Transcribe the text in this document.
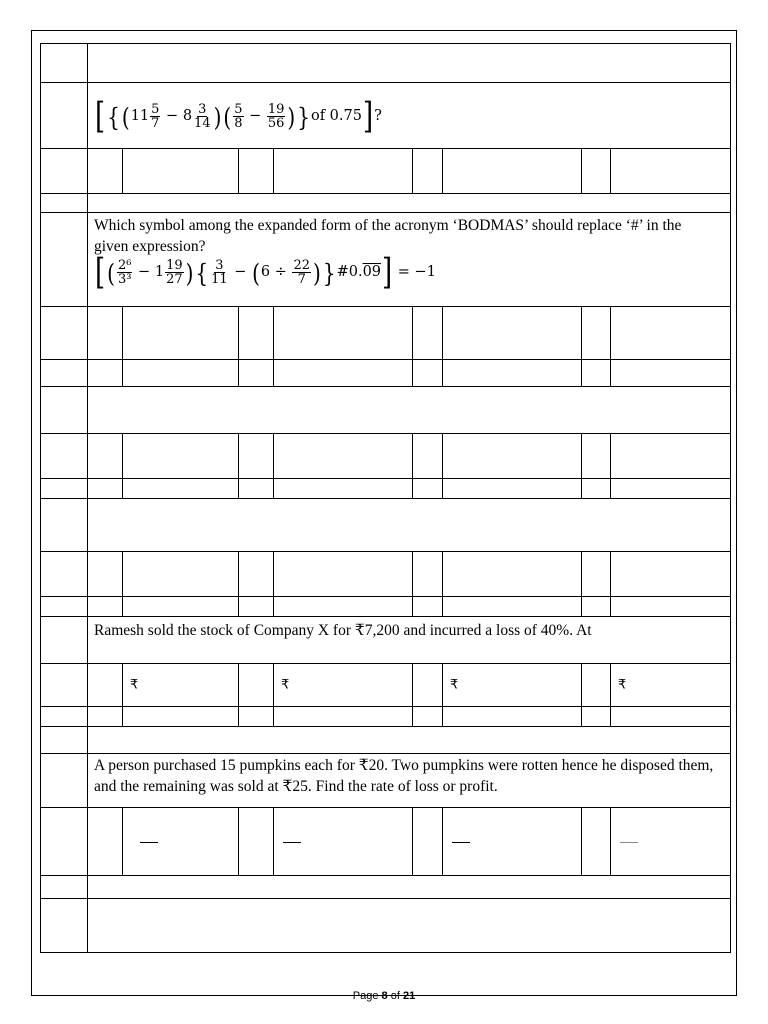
[ { ( $11 \frac{5}{7} - 8 \frac{3}{14}$ ) ( $\frac{5}{8} - \frac{19}{56}$ ) } of 0.75 ] ?
Which symbol among the expanded form of the acronym ‘BODMAS’ should replace ‘#’ in the given expression?
[ ( $\frac{\text{2⁶}}{\text{3³}} - 1 \frac{19}{27}$ ) { $\frac{3}{11}$ − ( 6 ÷
$\frac{22}{7}$ ) } #0. 09 ]
= −1
Ramesh sold the stock of Company X for ₹7,200 and incurred a loss of 40%. At
₹	₹	₹	₹
A person purchased 15 pumpkins each for ₹20. Two pumpkins were rotten hence he disposed them, and the remaining was sold at ₹25. Find the rate of loss or profit.
Page 8 of 21
